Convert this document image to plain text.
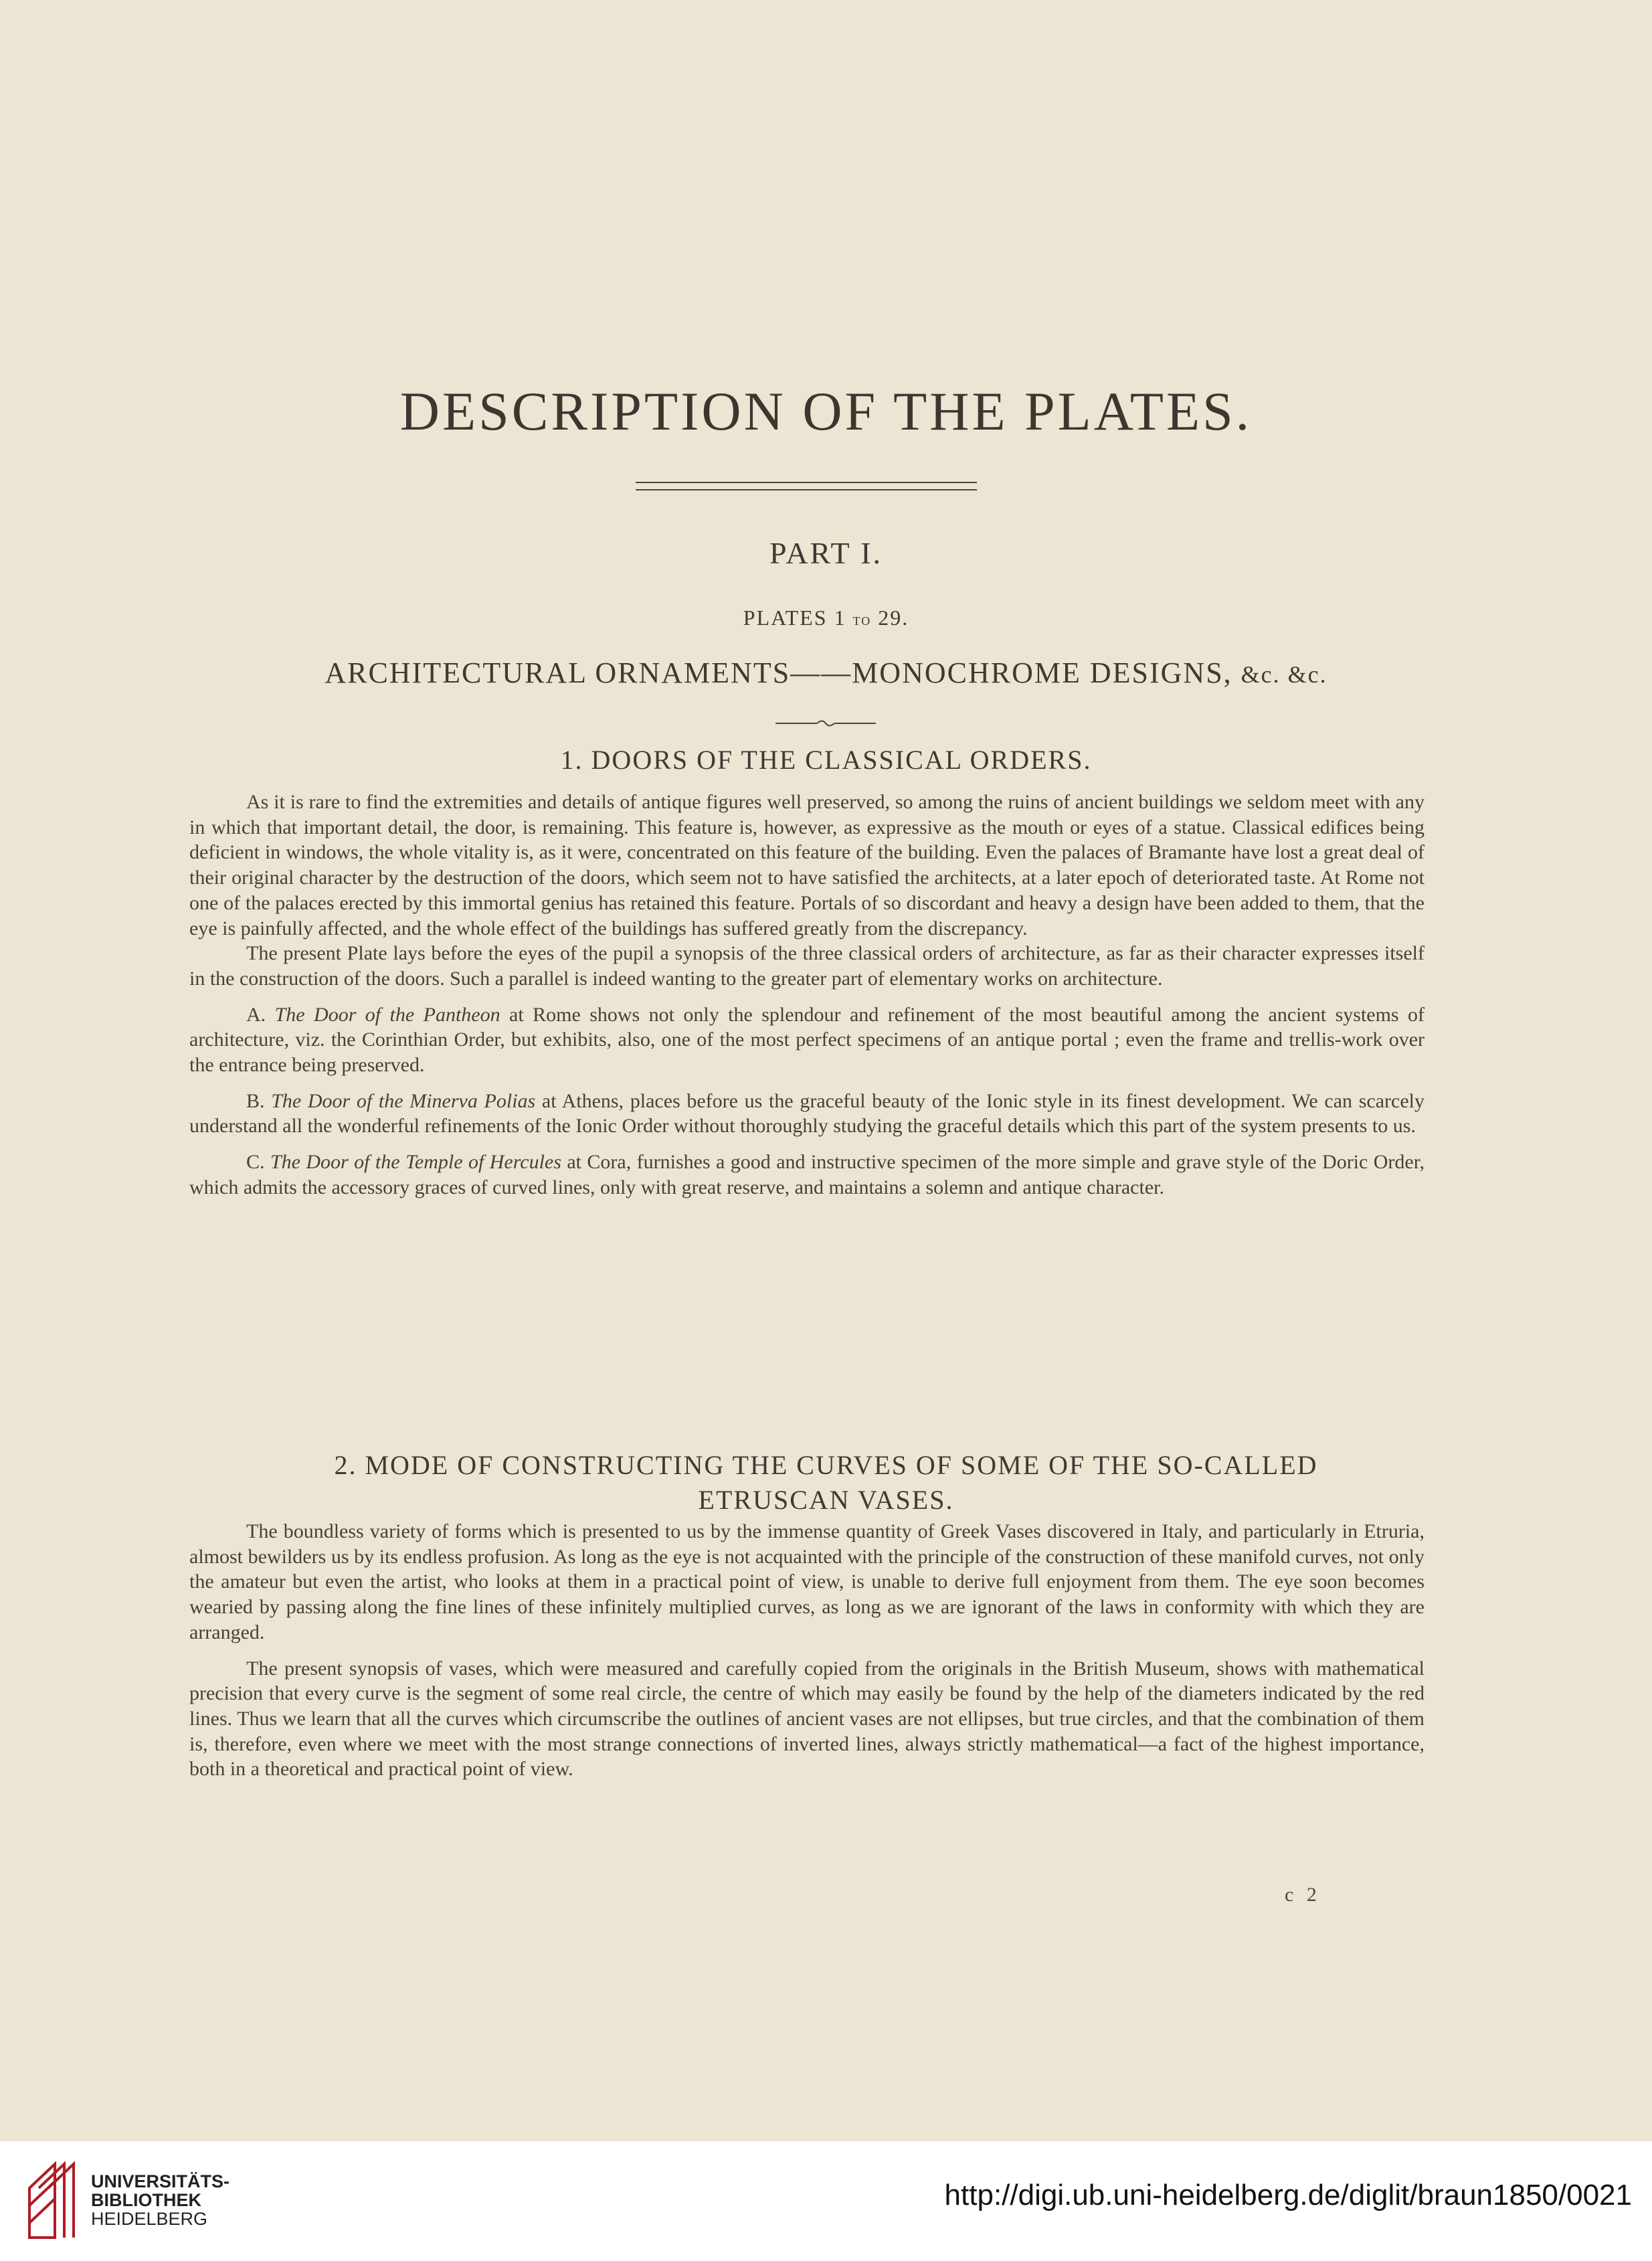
DESCRIPTION OF THE PLATES.
PART I.
PLATES 1 to 29.
ARCHITECTURAL ORNAMENTS——MONOCHROME DESIGNS, &c. &c.
1. DOORS OF THE CLASSICAL ORDERS.

As it is rare to find the extremities and details of antique figures well preserved, so among the ruins of ancient buildings we seldom meet with any in which that important detail, the door, is remaining. This feature is, however, as expressive as the mouth or eyes of a statue. Classical edifices being deficient in windows, the whole vitality is, as it were, concentrated on this feature of the building. Even the palaces of Bramante have lost a great deal of their original character by the destruction of the doors, which seem not to have satisfied the architects, at a later epoch of deteriorated taste. At Rome not one of the palaces erected by this immortal genius has retained this feature. Portals of so discordant and heavy a design have been added to them, that the eye is painfully affected, and the whole effect of the buildings has suffered greatly from the discrepancy.

The present Plate lays before the eyes of the pupil a synopsis of the three classical orders of architecture, as far as their character expresses itself in the construction of the doors. Such a parallel is indeed wanting to the greater part of elementary works on architecture.

A. The Door of the Pantheon at Rome shows not only the splendour and refinement of the most beautiful among the ancient systems of architecture, viz. the Corinthian Order, but exhibits, also, one of the most perfect specimens of an antique portal ; even the frame and trellis-work over the entrance being preserved.

B. The Door of the Minerva Polias at Athens, places before us the graceful beauty of the Ionic style in its finest development. We can scarcely understand all the wonderful refinements of the Ionic Order without thoroughly studying the graceful details which this part of the system presents to us.

C. The Door of the Temple of Hercules at Cora, furnishes a good and instructive specimen of the more simple and grave style of the Doric Order, which admits the accessory graces of curved lines, only with great reserve, and maintains a solemn and antique character.

2. MODE OF CONSTRUCTING THE CURVES OF SOME OF THE SO-CALLED
ETRUSCAN VASES.

The boundless variety of forms which is presented to us by the immense quantity of Greek Vases discovered in Italy, and particularly in Etruria, almost bewilders us by its endless profusion. As long as the eye is not acquainted with the principle of the construction of these manifold curves, not only the amateur but even the artist, who looks at them in a practical point of view, is unable to derive full enjoyment from them. The eye soon becomes wearied by passing along the fine lines of these infinitely multiplied curves, as long as we are ignorant of the laws in conformity with which they are arranged.

The present synopsis of vases, which were measured and carefully copied from the originals in the British Museum, shows with mathematical precision that every curve is the segment of some real circle, the centre of which may easily be found by the help of the diameters indicated by the red lines. Thus we learn that all the curves which circumscribe the outlines of ancient vases are not ellipses, but true circles, and that the combination of them is, therefore, even where we meet with the most strange connections of inverted lines, always strictly mathematical—a fact of the highest importance, both in a theoretical and practical point of view.

c 2
UNIVERSITÄTS-
BIBLIOTHEK
HEIDELBERG
http://digi.ub.uni-heidelberg.de/diglit/braun1850/0021
